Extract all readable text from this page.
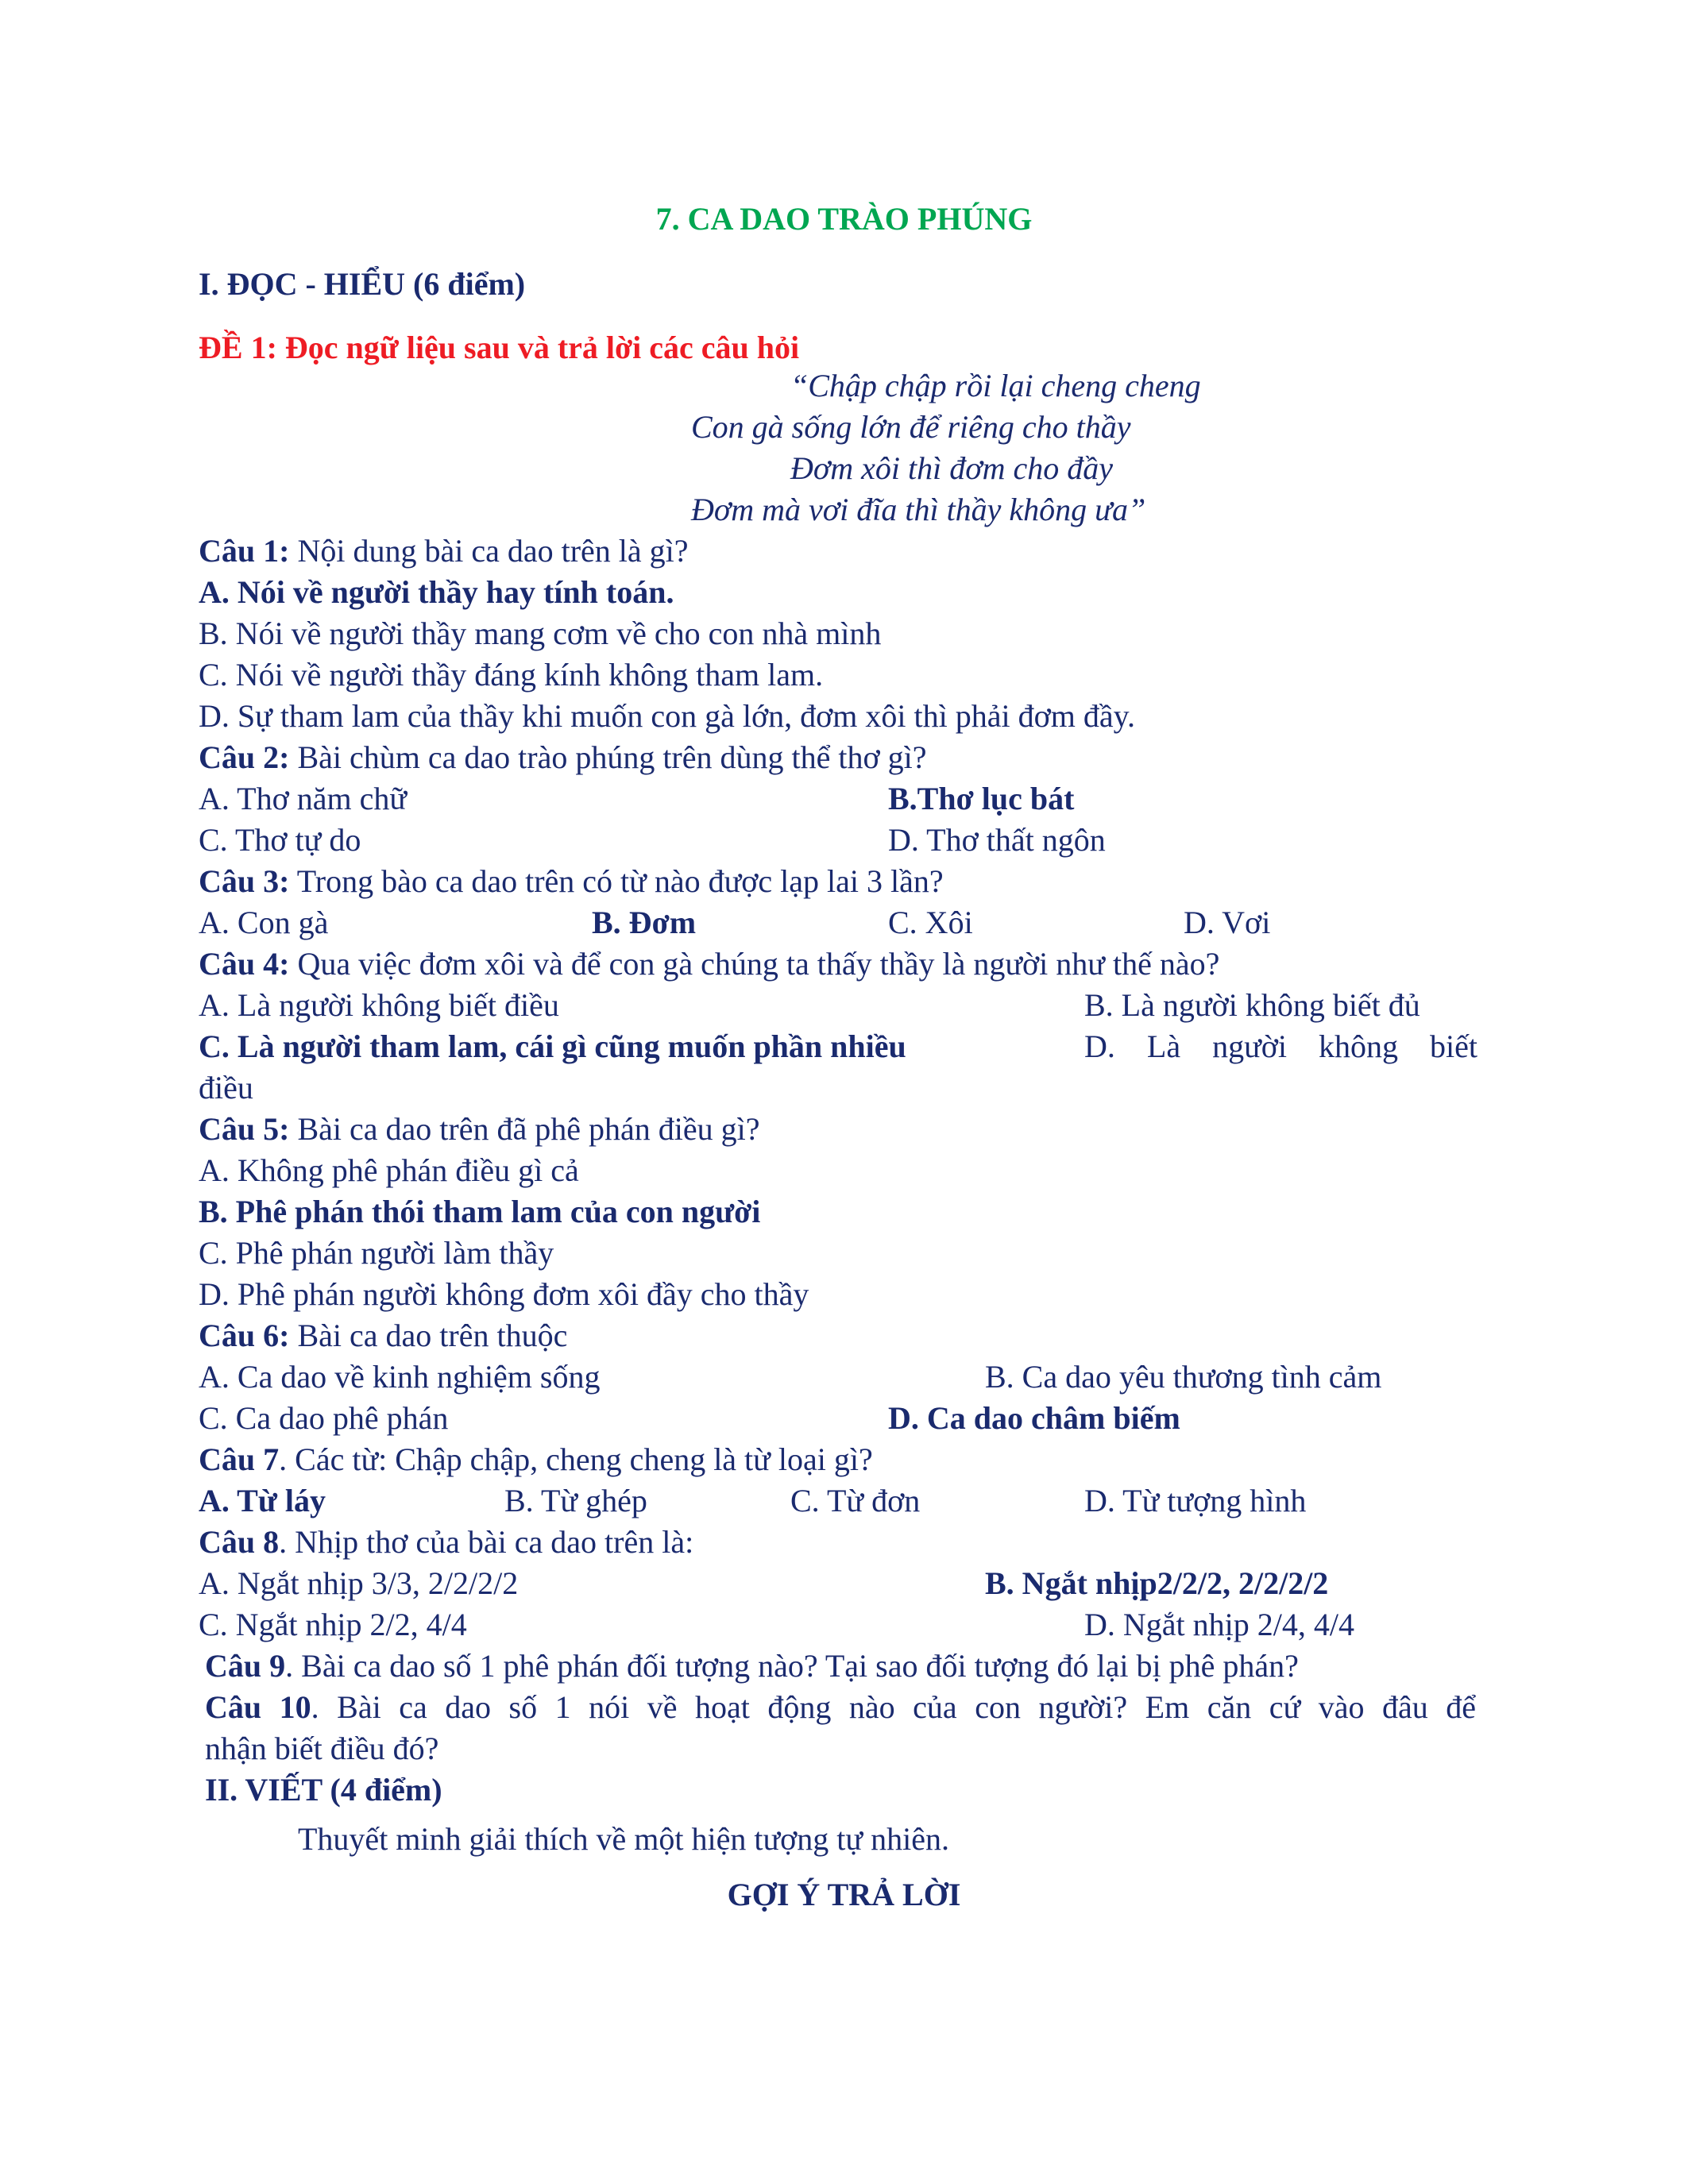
7. CA DAO TRÀO PHÚNG
I. ĐỌC - HIỂU (6 điểm)
ĐỀ 1: Đọc ngữ liệu sau và trả lời các câu hỏi
“Chập chập rồi lại cheng cheng
Con gà sống lớn để riêng cho thầy
Đơm xôi thì đơm cho đầy
Đơm mà vơi đĩa thì thầy không ưa”
Câu 1: Nội dung bài ca dao trên là gì?
A. Nói về người thầy hay tính toán.
B. Nói về người thầy mang cơm về cho con nhà mình
C. Nói về người thầy đáng kính không tham lam.
D. Sự tham lam của thầy khi muốn con gà lớn, đơm xôi thì phải đơm đầy.
Câu 2: Bài chùm ca dao trào phúng trên dùng thể thơ gì?
A. Thơ năm chữ	B.Thơ lục bát
C. Thơ tự do	D. Thơ thất ngôn
Câu 3: Trong bào ca dao trên có từ nào được lạp lai 3 lần?
A. Con gà	B. Đơm	C. Xôi	D. Vơi
Câu 4: Qua việc đơm xôi và để con gà chúng ta thấy thầy là người như thế nào?
A. Là người không biết điều	B. Là người không biết đủ
C. Là người tham lam, cái gì cũng muốn phần nhiều	D. Là người không biết
điều
Câu 5: Bài ca dao trên đã phê phán điều gì?
A. Không phê phán điều gì cả
B. Phê phán thói tham lam của con người
C. Phê phán người làm thầy
D. Phê phán người không đơm xôi đầy cho thầy
Câu 6: Bài ca dao trên thuộc
A. Ca dao về kinh nghiệm sống	B. Ca dao yêu thương tình cảm
C. Ca dao phê phán	D. Ca dao châm biếm
Câu 7. Các từ: Chập chập, cheng cheng là từ loại gì?
A. Từ láy	B. Từ ghép	C. Từ đơn	D. Từ tượng hình
Câu 8. Nhịp thơ của bài ca dao trên là:
A. Ngắt nhịp 3/3, 2/2/2/2	B. Ngắt nhịp2/2/2, 2/2/2/2
C. Ngắt nhịp 2/2, 4/4	D. Ngắt nhịp 2/4, 4/4
Câu 9. Bài ca dao số 1 phê phán đối tượng nào? Tại sao đối tượng đó lại bị phê phán?
Câu 10. Bài ca dao số 1 nói về hoạt động nào của con người? Em căn cứ vào đâu để
nhận biết điều đó?
II. VIẾT (4 điểm)
Thuyết minh giải thích về một hiện tượng tự nhiên.
GỢI Ý TRẢ LỜI
